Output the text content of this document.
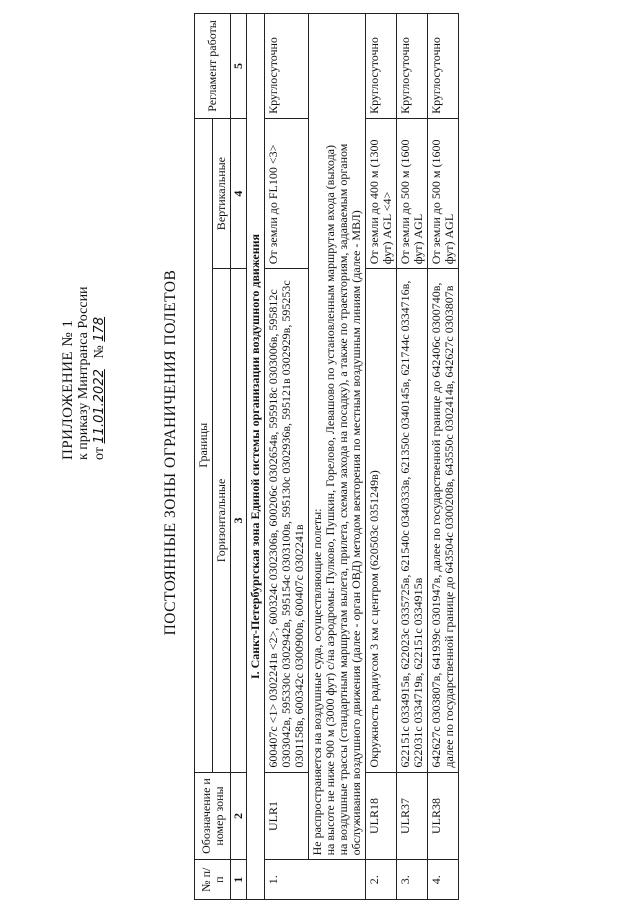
ПРИЛОЖЕНИЕ № 1 к приказу Минтранса России от 11.01.2022   № 178	ПОСТОЯННЫЕ ЗОНЫ ОГРАНИЧЕНИЯ ПОЛЕТОВ
№ п/п	Обозначение и номер зоны	Границы		Регламент работы
		Горизонтальные	Вертикальные	
1	2	3	4	5
I. Санкт-Петербургская зона Единой системы организации воздушного движения				
1.	ULR1	600407с <1> 0302241в <2>, 600324с 0302306в, 600206с 0302654в, 595918с 0303006в, 595812с 0303042в, 595330с 0302942в, 595154с 0303100в, 595130с 0302936в, 595121в 0302929в, 595253с 0301158в, 600342с 0300900в, 600407с 0302241в	От земли до FL100 <3>	Круглосуточно

	Не распространяется на воздушные суда, осуществляющие полеты: на высоте не ниже 900 м (3000 фут) с/на аэродромы: Пулково, Пушкин, Горелово, Левашово по установленным маршрутам входа (выхода) на воздушные трассы (стандартным маршрутам вылета, прилета, схемам захода на посадку), а также по траекториям, задаваемым органом обслуживания воздушного движения (далее - орган ОВД) методом векторения по местным воздушным линиям (далее - МВЛ)			

2.	ULR18	Окружность радиусом 3 км с центром (620503с 0351249в)	От земли до 400 м (1300 фут) AGL <4>	Круглосуточно
3.	ULR37	622151с 0334915в, 622023с 0335725в, 621540с 0340333в, 621350с 0340145в, 621744с 0334716в, 622031с 0334719в, 622151с 0334915в	От земли до 500 м (1600 фут) AGL	Круглосуточно
4.	ULR38	642627с 0303807в, 641939с 0301947в, далее по государственной границе до 642406с 0300740в, далее по государственной границе до 643504с 0300208в, 643550с 0302414в, 642627с 0303807в	От земли до 500 м (1600 фут) AGL	Круглосуточно
